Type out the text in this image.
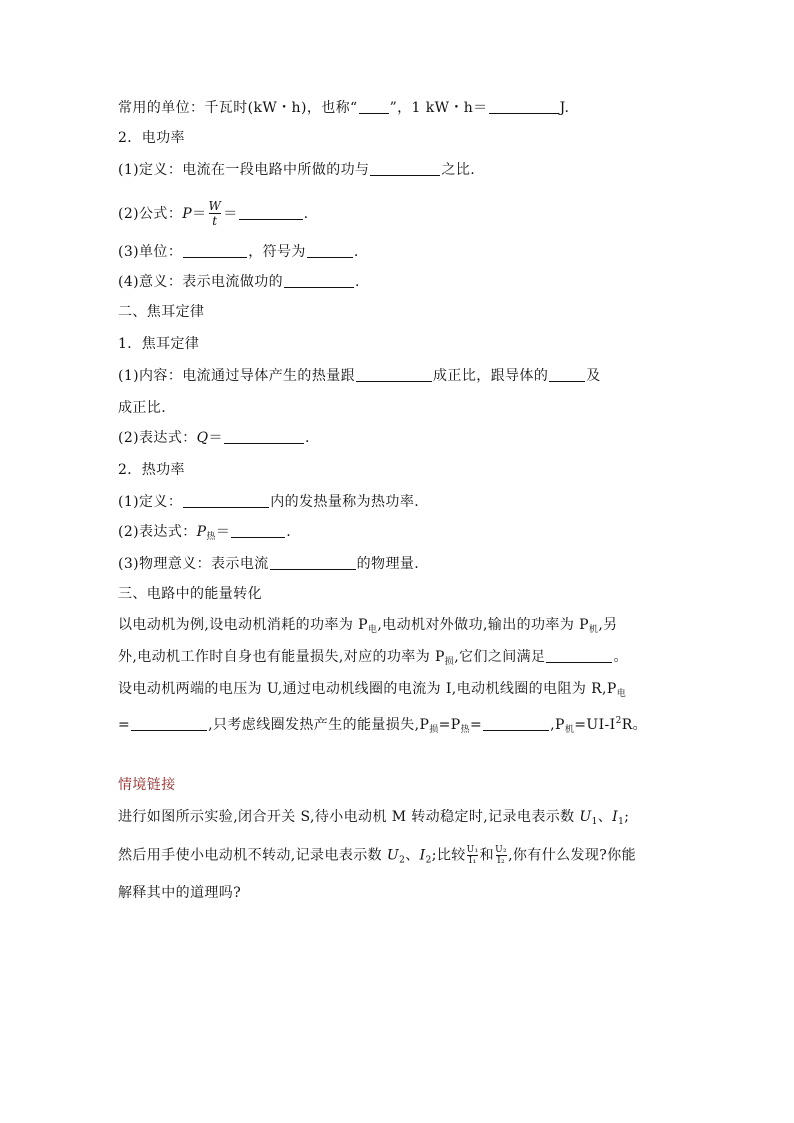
常用的单位：千瓦时(kW・h)，也称“ ”，1 kW・h＝	J.
2．电功率
(1)定义：电流在一段电路中所做的功与	之比.
(2)公式：$P= \frac{W}{t}$ ＝	.
(3)单位：	，符号为	.
(4)意义：表示电流做功的	.
二、焦耳定律
1．焦耳定律
(1)内容：电流通过导体产生的热量跟	成正比，跟导体的	及
成正比.
(2)表达式：Q＝	.
2．热功率
(1)定义：	内的发热量称为热功率.
(2)表达式：$P_热=$	.
(3)物理意义：表示电流	的物理量.
三、电路中的能量转化
以电动机为例,设电动机消耗的功率为 $P_电$,电动机对外做功,输出的功率为 $P_机$,另
外,电动机工作时自身也有能量损失,对应的功率为 $P_损$,它们之间满足	。
设电动机两端的电压为 U,通过电动机线圈的电流为 I,电动机线圈的电阻为 $R,P_电$
=	,只考虑线圈发热产生的能量损失$,P_损=P_热=$	$,P_机=UI-I^2R$。
情境链接
进行如图所示实验,闭合开关 S,待小电动机 M 转动稳定时,记录电表示数 $U_1$、$I_1$;
然后用手使小电动机不转动,记录电表示数 $U_2$、$I_2$;比较 $\frac{\text{U₁}}{\text{I₁}}$ 和 $\frac{\text{U₂}}{\text{I₂}}$ ,你有什么发现?你能
解释其中的道理吗?
